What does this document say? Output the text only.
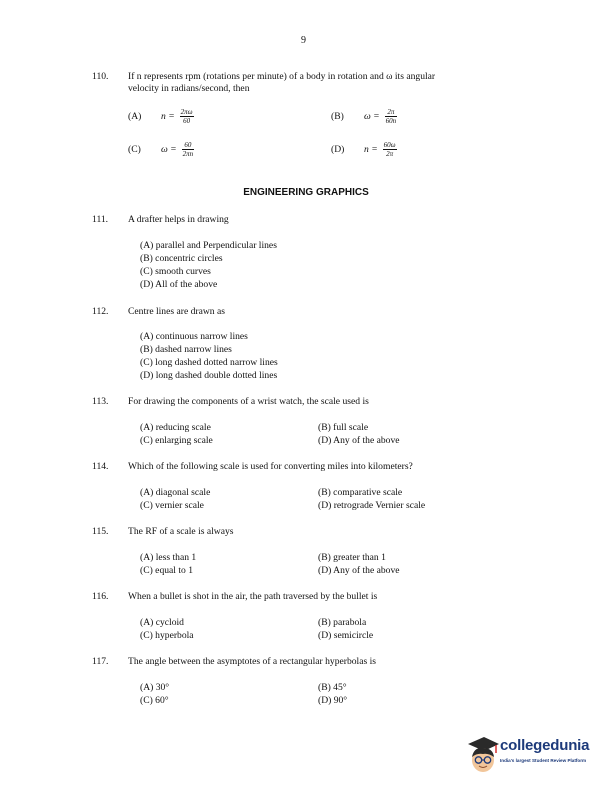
9
110. If n represents rpm (rotations per minute) of a body in rotation and ω its angular
velocity in radians/second, then
(A)	$n = \frac{2\pi\omega}{60}$	(B)	$\omega = \frac{2\pi}{60n}$
(C)	$\omega = \frac{60}{2\pi n}$	(D)	$n = \frac{60\omega}{2\pi}$
ENGINEERING GRAPHICS
111. A drafter helps in drawing
(A) parallel and Perpendicular lines
(B) concentric circles
(C) smooth curves
(D) All of the above
112. Centre lines are drawn as
(A) continuous narrow lines
(B) dashed narrow lines
(C) long dashed dotted narrow lines
(D) long dashed double dotted lines
113. For drawing the components of a wrist watch, the scale used is
(A) reducing scale	(B) full scale
(C) enlarging scale	(D) Any of the above
114. Which of the following scale is used for converting miles into kilometers?
(A) diagonal scale	(B) comparative scale
(C) vernier scale	(D) retrograde Vernier scale
115. The RF of a scale is always
(A) less than 1	(B) greater than 1
(C) equal to 1	(D) Any of the above
116. When a bullet is shot in the air, the path traversed by the bullet is
(A) cycloid	(B) parabola
(C) hyperbola	(D) semicircle
117. The angle between the asymptotes of a rectangular hyperbolas is
(A) 30°	(B) 45°
(C) 60°	(D) 90°
collegedunia
India's largest Student Review Platform
